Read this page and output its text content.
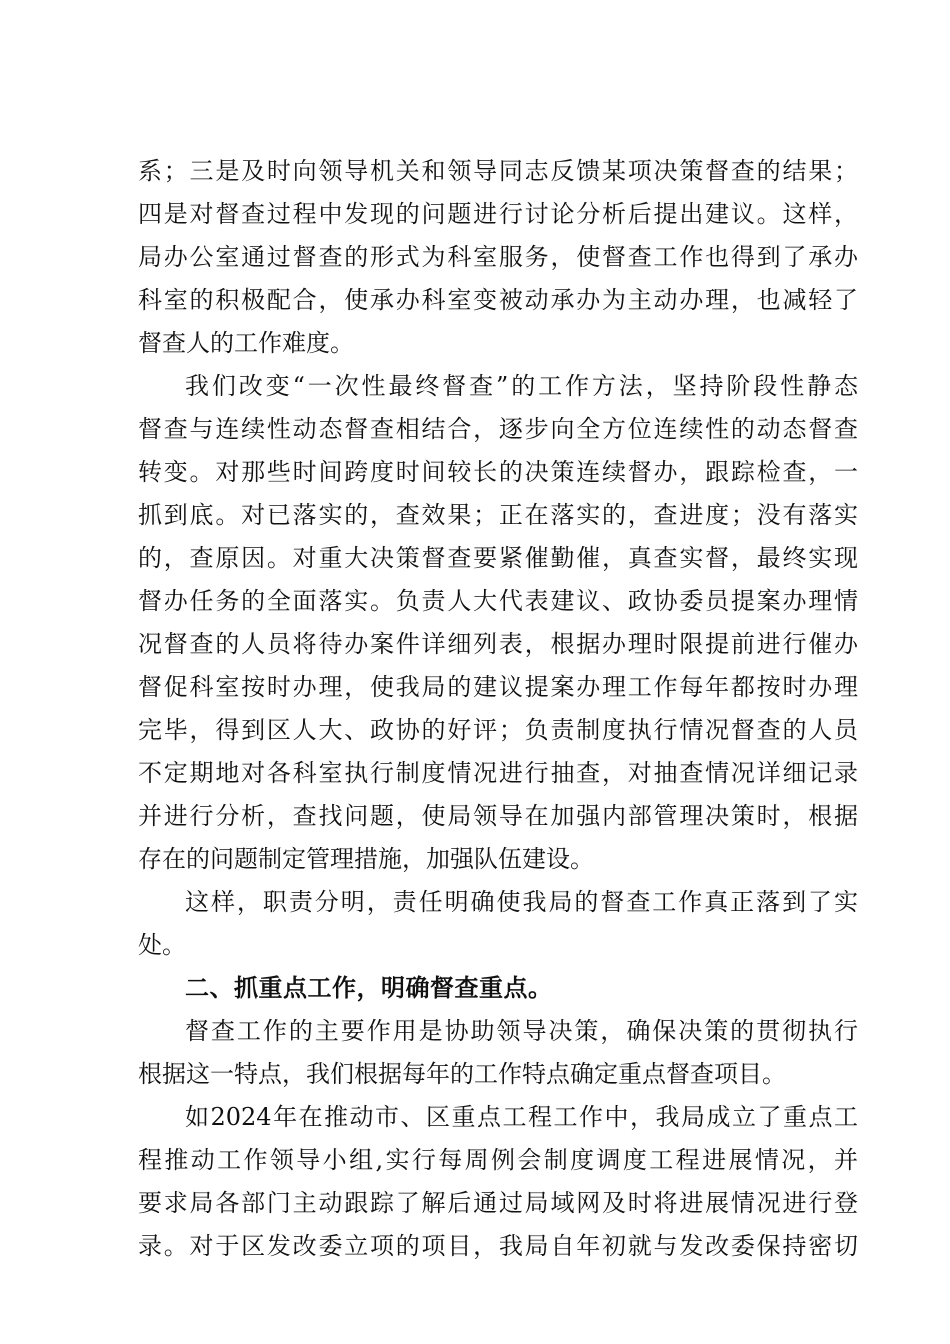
系；三是及时向领导机关和领导同志反馈某项决策督查的结果；
四是对督查过程中发现的问题进行讨论分析后提出建议。这样，
局办公室通过督查的形式为科室服务，使督查工作也得到了承办
科室的积极配合，使承办科室变被动承办为主动办理，也减轻了
督查人的工作难度。
我们改变“一次性最终督查”的工作方法，坚持阶段性静态
督查与连续性动态督查相结合，逐步向全方位连续性的动态督查
转变。对那些时间跨度时间较长的决策连续督办，跟踪检查，一
抓到底。对已落实的，查效果；正在落实的，查进度；没有落实
的，查原因。对重大决策督查要紧催勤催，真查实督，最终实现
督办任务的全面落实。负责人大代表建议、政协委员提案办理情
况督查的人员将待办案件详细列表，根据办理时限提前进行催办
督促科室按时办理，使我局的建议提案办理工作每年都按时办理
完毕，得到区人大、政协的好评；负责制度执行情况督查的人员
不定期地对各科室执行制度情况进行抽查，对抽查情况详细记录
并进行分析，查找问题，使局领导在加强内部管理决策时，根据
存在的问题制定管理措施，加强队伍建设。
这样，职责分明，责任明确使我局的督查工作真正落到了实
处。
二、抓重点工作，明确督查重点。
督查工作的主要作用是协助领导决策，确保决策的贯彻执行
根据这一特点，我们根据每年的工作特点确定重点督查项目。
如2024年在推动市、区重点工程工作中，我局成立了重点工
程推动工作领导小组,实行每周例会制度调度工程进展情况，并
要求局各部门主动跟踪了解后通过局域网及时将进展情况进行登
录。对于区发改委立项的项目，我局自年初就与发改委保持密切
